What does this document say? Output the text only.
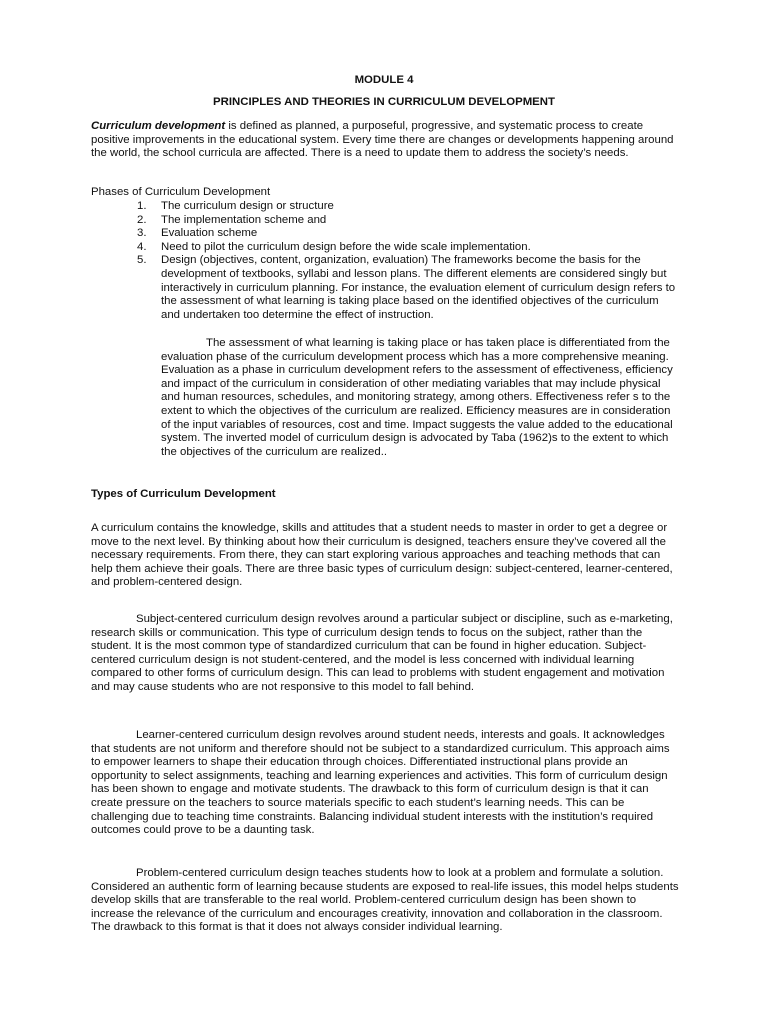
MODULE 4
PRINCIPLES AND THEORIES IN CURRICULUM DEVELOPMENT

Curriculum development is defined as planned, a purposeful, progressive, and systematic process to create positive improvements in the educational system. Every time there are changes or developments happening around the world, the school curricula are affected. There is a need to update them to address the society’s needs.

Phases of Curriculum Development
1. The curriculum design or structure
2. The implementation scheme and
3. Evaluation scheme
4. Need to pilot the curriculum design before the wide scale implementation.
5. Design (objectives, content, organization, evaluation) The frameworks become the basis for the development of textbooks, syllabi and lesson plans. The different elements are considered singly but interactively in curriculum planning. For instance, the evaluation element of curriculum design refers to the assessment of what learning is taking place based on the identified objectives of the curriculum and undertaken too determine the effect of instruction.

The assessment of what learning is taking place or has taken place is differentiated from the evaluation phase of the curriculum development process which has a more comprehensive meaning. Evaluation as a phase in curriculum development refers to the assessment of effectiveness, efficiency and impact of the curriculum in consideration of other mediating variables that may include physical and human resources, schedules, and monitoring strategy, among others. Effectiveness refer s to the extent to which the objectives of the curriculum are realized. Efficiency measures are in consideration of the input variables of resources, cost and time. Impact suggests the value added to the educational system. The inverted model of curriculum design is advocated by Taba (1962)s to the extent to which the objectives of the curriculum are realized..

Types of Curriculum Development

A curriculum contains the knowledge, skills and attitudes that a student needs to master in order to get a degree or move to the next level. By thinking about how their curriculum is designed, teachers ensure they’ve covered all the necessary requirements. From there, they can start exploring various approaches and teaching methods that can help them achieve their goals. There are three basic types of curriculum design: subject-centered, learner-centered, and problem-centered design.

Subject-centered curriculum design revolves around a particular subject or discipline, such as e-marketing, research skills or communication. This type of curriculum design tends to focus on the subject, rather than the student. It is the most common type of standardized curriculum that can be found in higher education. Subject-centered curriculum design is not student-centered, and the model is less concerned with individual learning compared to other forms of curriculum design. This can lead to problems with student engagement and motivation and may cause students who are not responsive to this model to fall behind.

Learner-centered curriculum design revolves around student needs, interests and goals. It acknowledges that students are not uniform and therefore should not be subject to a standardized curriculum. This approach aims to empower learners to shape their education through choices. Differentiated instructional plans provide an opportunity to select assignments, teaching and learning experiences and activities. This form of curriculum design has been shown to engage and motivate students. The drawback to this form of curriculum design is that it can create pressure on the teachers to source materials specific to each student’s learning needs. This can be challenging due to teaching time constraints. Balancing individual student interests with the institution’s required outcomes could prove to be a daunting task.

Problem-centered curriculum design teaches students how to look at a problem and formulate a solution. Considered an authentic form of learning because students are exposed to real-life issues, this model helps students develop skills that are transferable to the real world. Problem-centered curriculum design has been shown to increase the relevance of the curriculum and encourages creativity, innovation and collaboration in the classroom. The drawback to this format is that it does not always consider individual learning.
